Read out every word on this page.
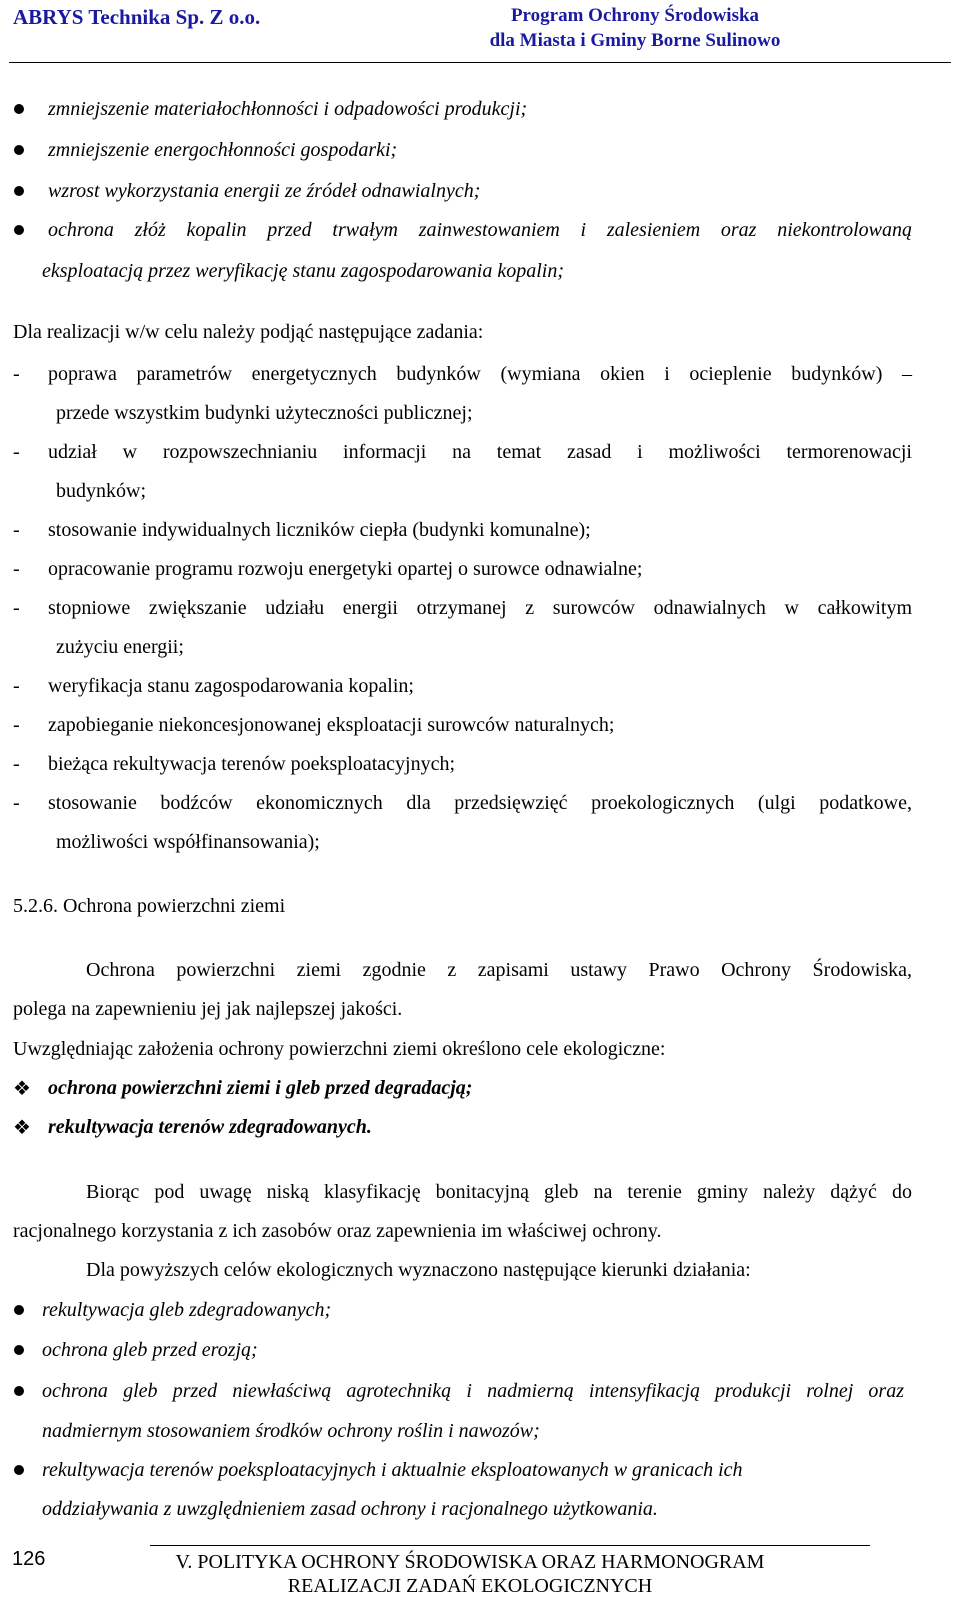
ABRYS Technika Sp. Z o.o.	Program Ochrony Środowiska
dla Miasta i Gminy Borne Sulinowo
zmniejszenie materiałochłonności i odpadowości produkcji;
zmniejszenie energochłonności gospodarki;
wzrost wykorzystania energii ze źródeł odnawialnych;
ochrona złóż kopalin przed trwałym zainwestowaniem i zalesieniem oraz niekontrolowaną
eksploatacją przez weryfikację stanu zagospodarowania kopalin;
Dla realizacji w/w celu należy podjąć następujące zadania:
- poprawa parametrów energetycznych budynków (wymiana okien i ocieplenie budynków) –
przede wszystkim budynki użyteczności publicznej;
- udział w rozpowszechnianiu informacji na temat zasad i możliwości termorenowacji
budynków;
- stosowanie indywidualnych liczników ciepła (budynki komunalne);
- opracowanie programu rozwoju energetyki opartej o surowce odnawialne;
- stopniowe zwiększanie udziału energii otrzymanej z surowców odnawialnych w całkowitym
zużyciu energii;
- weryfikacja stanu zagospodarowania kopalin;
- zapobieganie niekoncesjonowanej eksploatacji surowców naturalnych;
- bieżąca rekultywacja terenów poeksploatacyjnych;
- stosowanie bodźców ekonomicznych dla przedsięwzięć proekologicznych (ulgi podatkowe,
możliwości współfinansowania);
5.2.6. Ochrona powierzchni ziemi
Ochrona powierzchni ziemi zgodnie z zapisami ustawy Prawo Ochrony Środowiska,
polega na zapewnieniu jej jak najlepszej jakości.
Uwzględniając założenia ochrony powierzchni ziemi określono cele ekologiczne:
❖ ochrona powierzchni ziemi i gleb przed degradacją;
❖ rekultywacja terenów zdegradowanych.
Biorąc pod uwagę niską klasyfikację bonitacyjną gleb na terenie gminy należy dążyć do
racjonalnego korzystania z ich zasobów oraz zapewnienia im właściwej ochrony.
Dla powyższych celów ekologicznych wyznaczono następujące kierunki działania:
rekultywacja gleb zdegradowanych;
ochrona gleb przed erozją;
ochrona gleb przed niewłaściwą agrotechniką i nadmierną intensyfikacją produkcji rolnej oraz
nadmiernym stosowaniem środków ochrony roślin i nawozów;
rekultywacja terenów poeksploatacyjnych i aktualnie eksploatowanych w granicach ich
oddziaływania z uwzględnieniem zasad ochrony i racjonalnego użytkowania.
126	V. POLITYKA OCHRONY ŚRODOWISKA ORAZ HARMONOGRAM
REALIZACJI ZADAŃ EKOLOGICZNYCH
